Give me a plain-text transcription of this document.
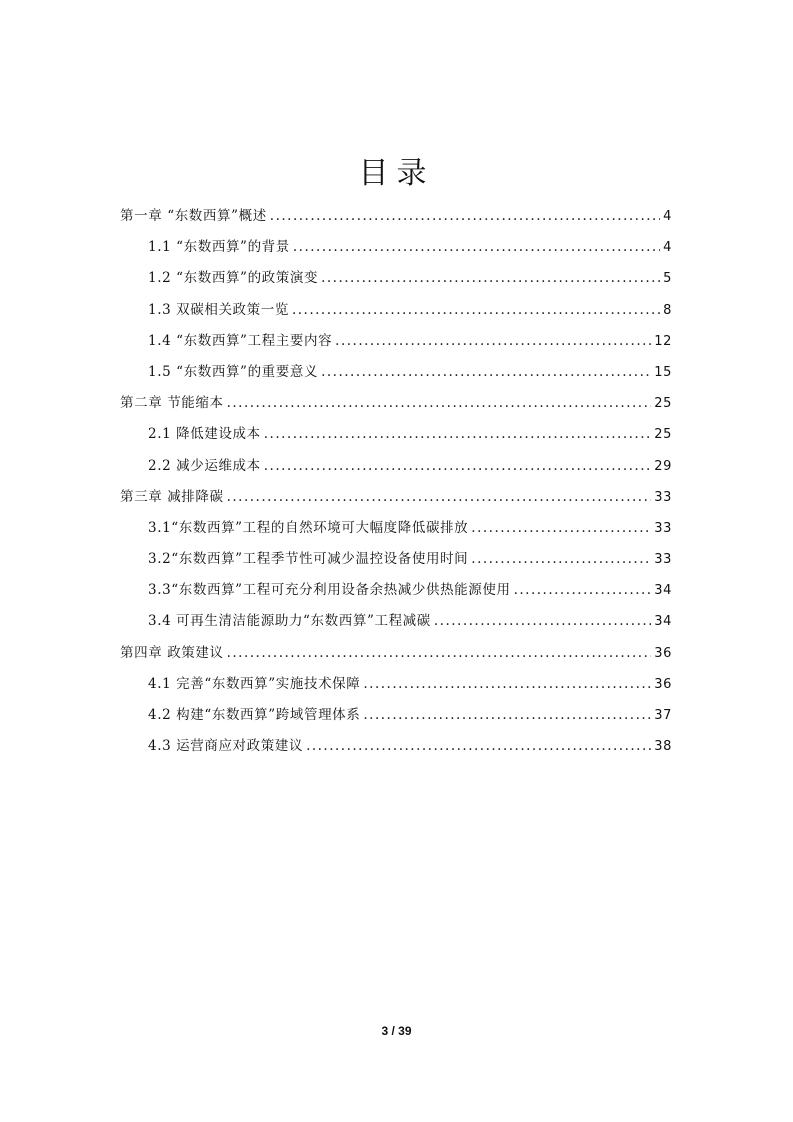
目录
第一章 “东数西算”概述 .....	4
1.1 “东数西算”的背景 .....	4
1.2 “东数西算”的政策演变 .....	5
1.3 双碳相关政策一览 .....	8
1.4 “东数西算”工程主要内容 .....	12
1.5 “东数西算”的重要意义 .....	15
第二章 节能缩本 .....	25
2.1 降低建设成本 .....	25
2.2 减少运维成本 .....	29
第三章 减排降碳 .....	33
3.1“东数西算”工程的自然环境可大幅度降低碳排放 .....	33
3.2“东数西算”工程季节性可减少温控设备使用时间 .....	33
3.3“东数西算”工程可充分利用设备余热减少供热能源使用 .....	34
3.4 可再生清洁能源助力“东数西算”工程减碳 .....	34
第四章 政策建议 .....	36
4.1 完善“东数西算”实施技术保障 .....	36
4.2 构建“东数西算”跨域管理体系 .....	37
4.3 运营商应对政策建议 .....	38
3 / 39
